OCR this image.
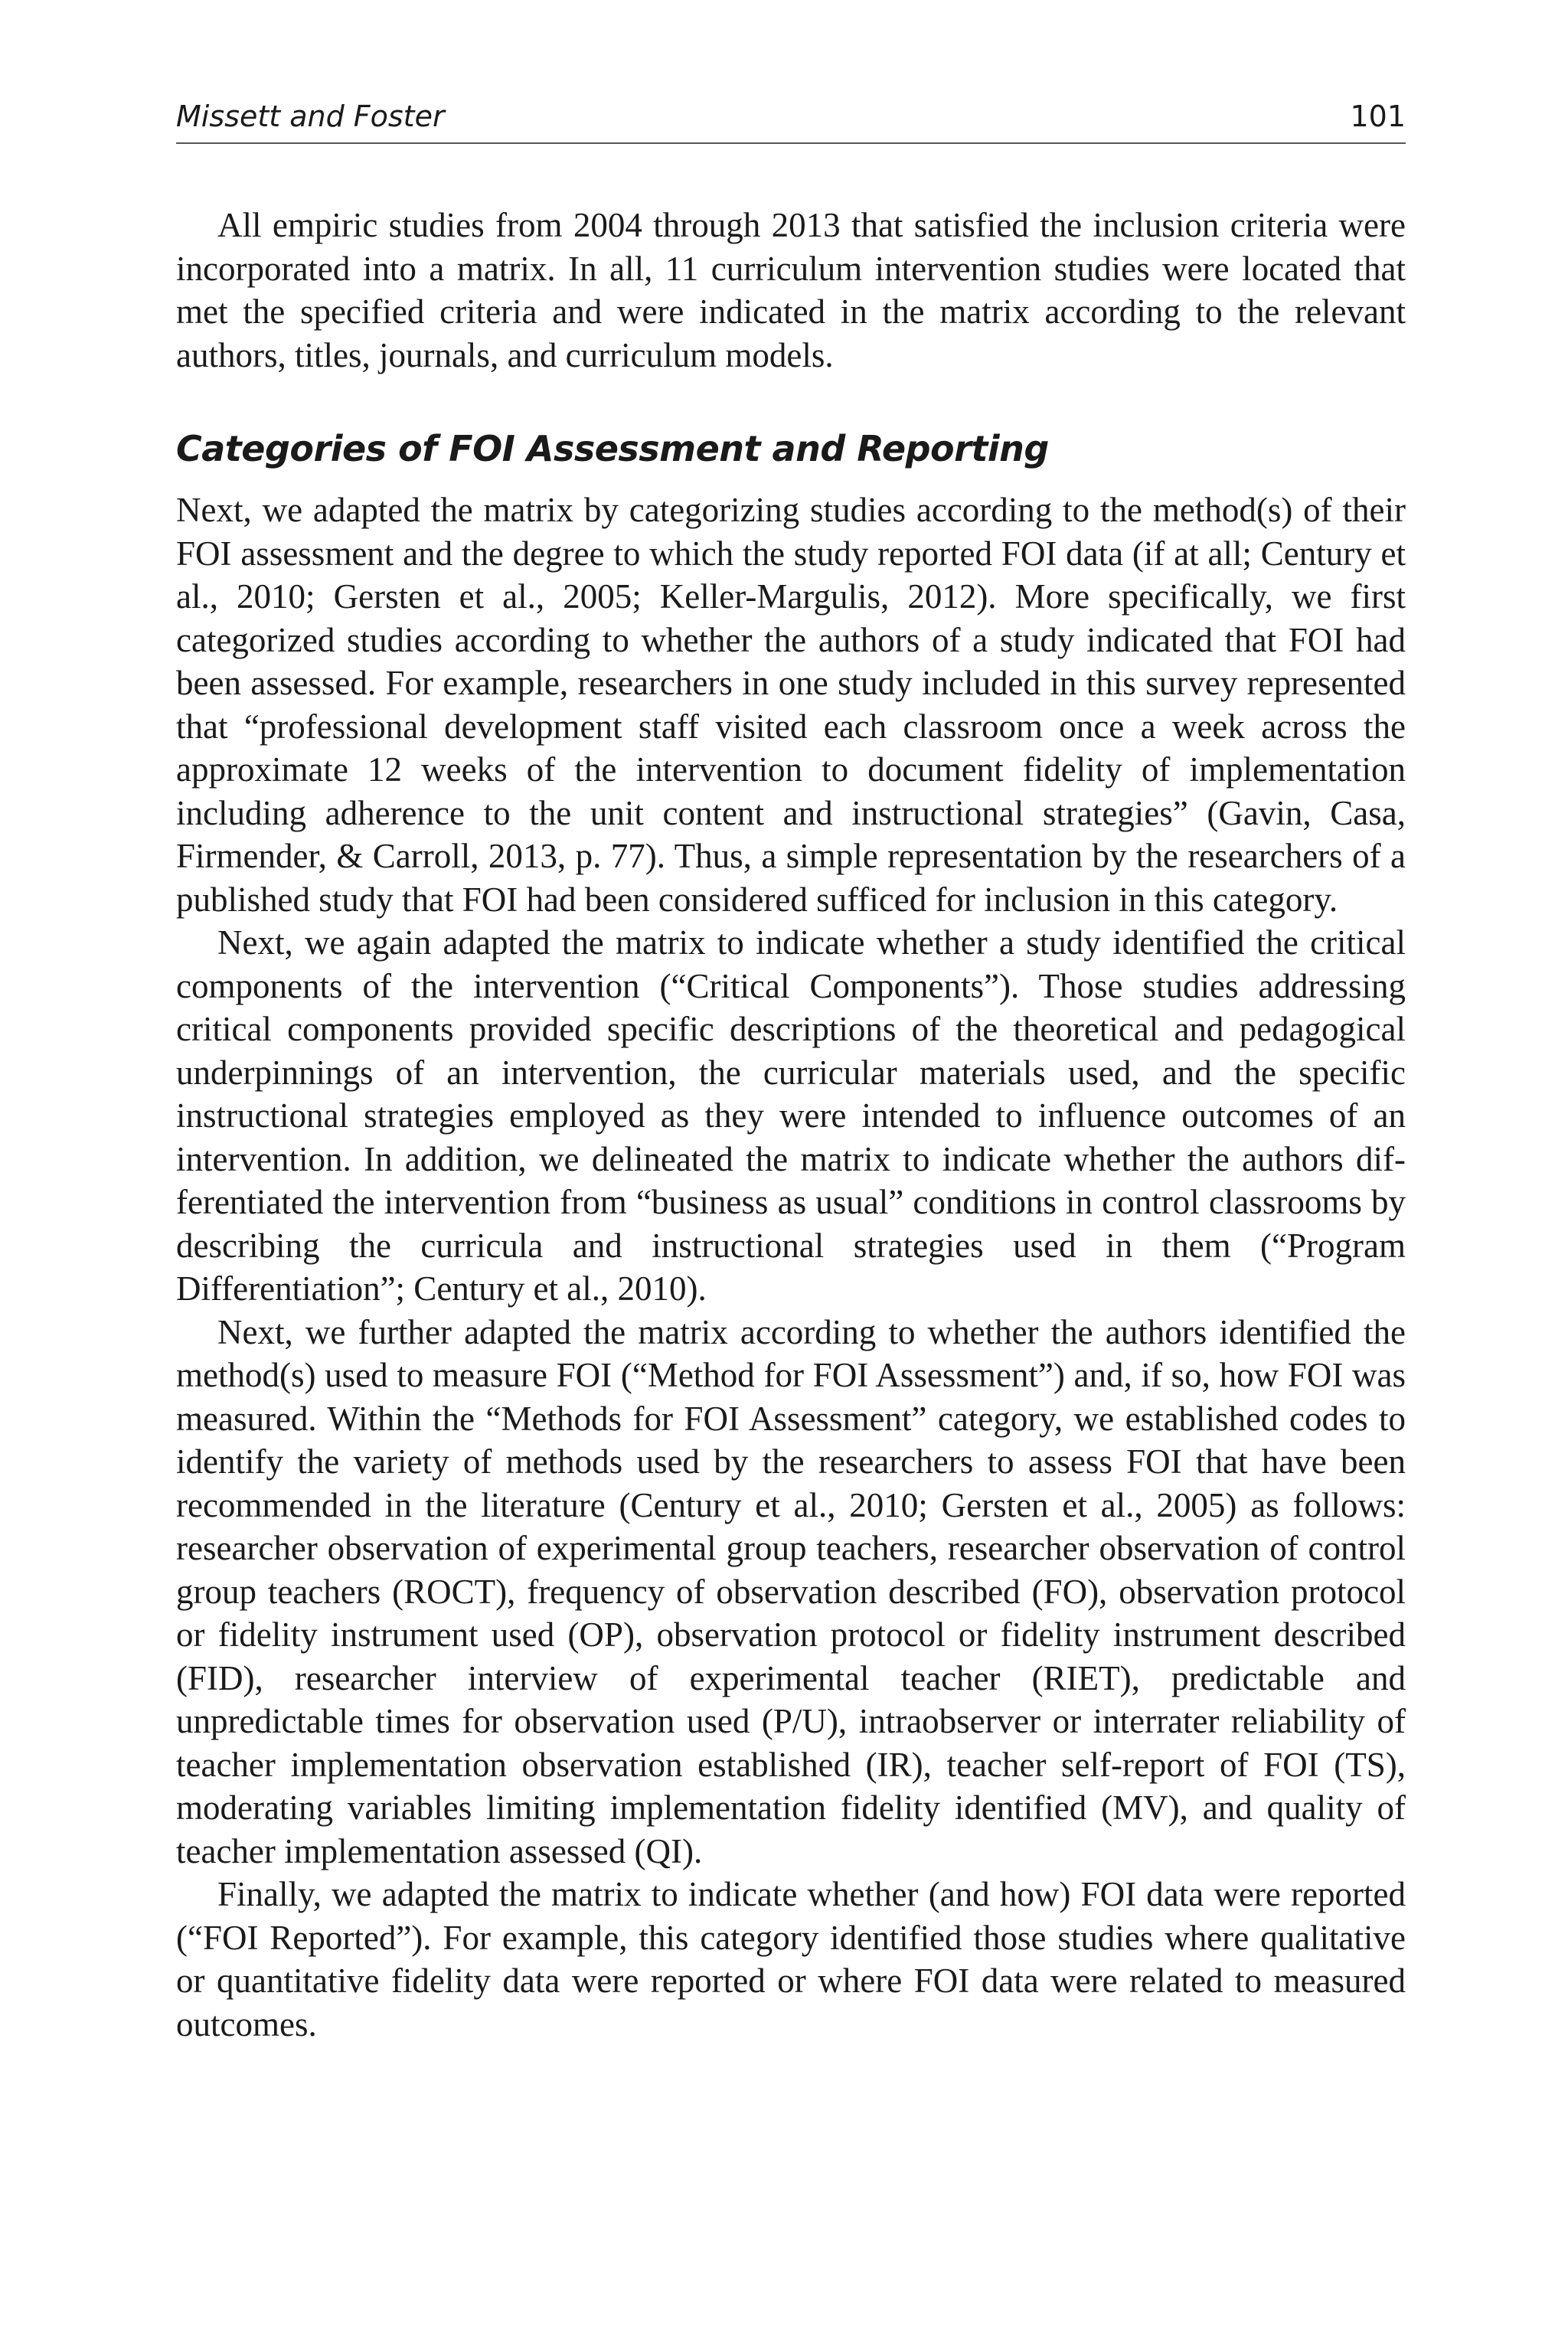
Missett and Foster	101

All empiric studies from 2004 through 2013 that satisfied the inclusion criteria were incorporated into a matrix. In all, 11 curriculum intervention studies were located that met the specified criteria and were indicated in the matrix according to the relevant authors, titles, journals, and curriculum models.

Categories of FOI Assessment and Reporting

Next, we adapted the matrix by categorizing studies according to the method(s) of their FOI assessment and the degree to which the study reported FOI data (if at all; Century et al., 2010; Gersten et al., 2005; Keller-Margulis, 2012). More specifically, we first categorized studies according to whether the authors of a study indicated that FOI had been assessed. For example, researchers in one study included in this survey represented that “professional development staff visited each classroom once a week across the approximate 12 weeks of the intervention to document fidelity of implementation including adherence to the unit content and instructional strategies” (Gavin, Casa, Firmender, & Carroll, 2013, p. 77). Thus, a simple representation by the researchers of a published study that FOI had been considered sufficed for inclusion in this category.

Next, we again adapted the matrix to indicate whether a study identified the critical components of the intervention (“Critical Components”). Those studies addressing critical components provided specific descriptions of the theoretical and pedagogical underpinnings of an intervention, the curricular materials used, and the specific instructional strategies employed as they were intended to influence outcomes of an intervention. In addition, we delineated the matrix to indicate whether the authors differentiated the intervention from “business as usual” conditions in control classrooms by describing the curricula and instructional strategies used in them (“Program Differentiation”; Century et al., 2010).

Next, we further adapted the matrix according to whether the authors identified the method(s) used to measure FOI (“Method for FOI Assessment”) and, if so, how FOI was measured. Within the “Methods for FOI Assessment” category, we established codes to identify the variety of methods used by the researchers to assess FOI that have been recommended in the literature (Century et al., 2010; Gersten et al., 2005) as follows: researcher observation of experimental group teachers, researcher observation of control group teachers (ROCT), frequency of observation described (FO), observation protocol or fidelity instrument used (OP), observation protocol or fidelity instrument described (FID), researcher interview of experimental teacher (RIET), predictable and unpredictable times for observation used (P/U), intraobserver or interrater reliability of teacher implementation observation established (IR), teacher self-report of FOI (TS), moderating variables limiting implementation fidelity identified (MV), and quality of teacher implementation assessed (QI).

Finally, we adapted the matrix to indicate whether (and how) FOI data were reported (“FOI Reported”). For example, this category identified those studies where qualitative or quantitative fidelity data were reported or where FOI data were related to measured outcomes.
